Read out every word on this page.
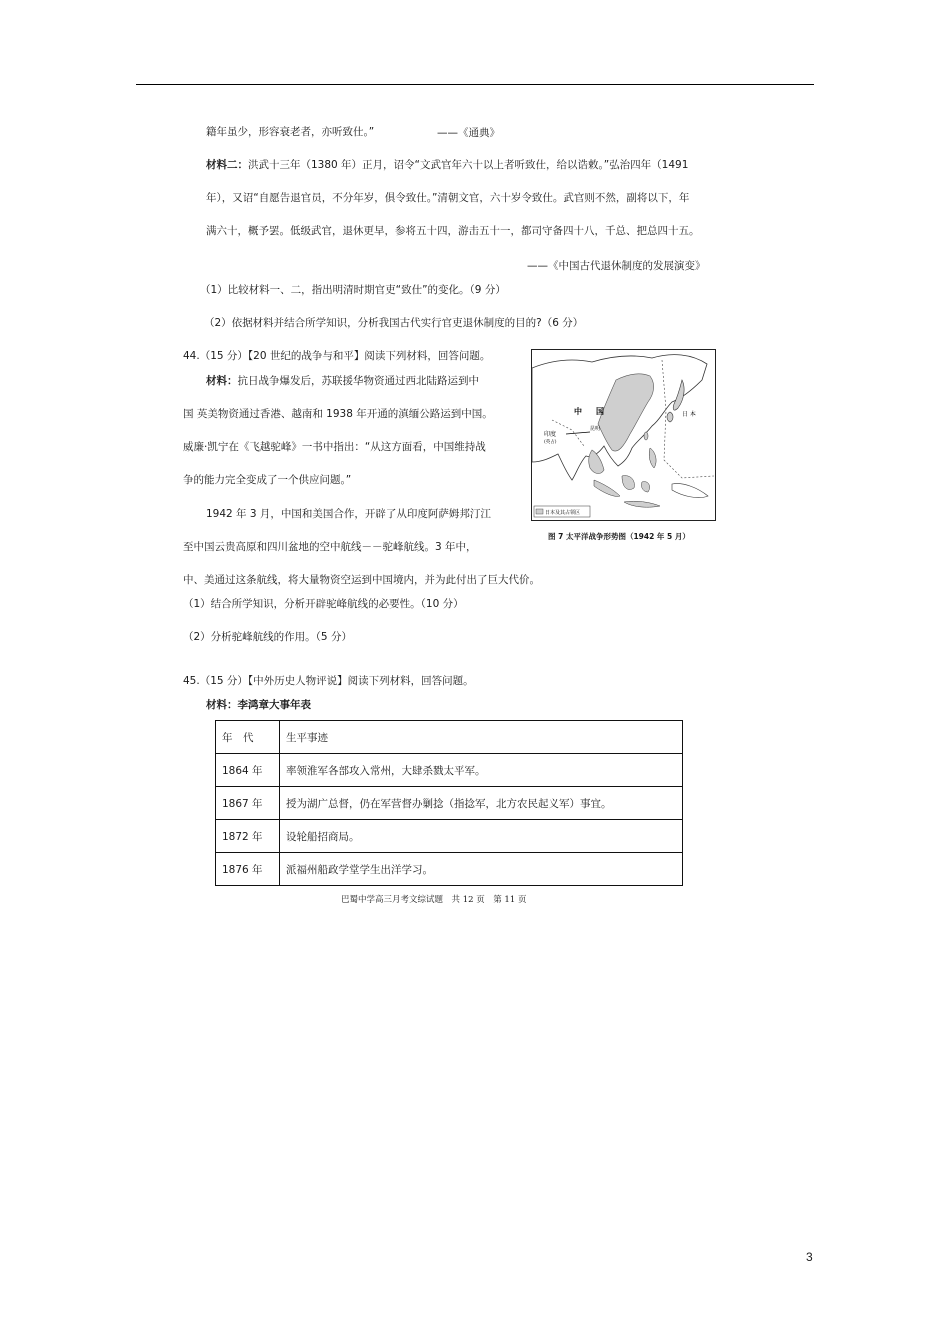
籍年虽少，形容衰老者，亦听致仕。”	——《通典》
材料二：洪武十三年（1380 年）正月，诏令“文武官年六十以上者听致仕，给以诰敕。”弘治四年（1491
年），又诏“自愿告退官员，不分年岁，俱令致仕。”清朝文官，六十岁令致仕。武官则不然，副将以下，年
满六十，概予罢。低级武官，退休更早，参将五十四，游击五十一，都司守备四十八，千总、把总四十五。
——《中国古代退休制度的发展演变》
（1）比较材料一、二，指出明清时期官吏“致仕”的变化。（9 分）
（2）依据材料并结合所学知识，分析我国古代实行官吏退休制度的目的?（6 分）
44.（15 分）【20 世纪的战争与和平】阅读下列材料，回答问题。
材料：抗日战争爆发后，苏联援华物资通过西北陆路运到中
国 英美物资通过香港、越南和 1938 年开通的滇缅公路运到中国。
威廉·凯宁在《飞越驼峰》一书中指出：“从这方面看，中国维持战
争的能力完全变成了一个供应问题。”
1942 年 3 月，中国和美国合作，开辟了从印度阿萨姆邦汀江
至中国云贵高原和四川盆地的空中航线－－驼峰航线。3 年中，
中、美通过这条航线，将大量物资空运到中国境内，并为此付出了巨大代价。
（1）结合所学知识，分析开辟驼峰航线的必要性。（10 分）
（2）分析驼峰航线的作用。（5 分）
日本及其占领区
中 国	日 本
印度
(英占)
昆明
图 7 太平洋战争形势图（1942 年 5 月）
45.（15 分）【中外历史人物评说】阅读下列材料，回答问题。
材料：李鸿章大事年表
年　代	生平事迹
1864 年	率领淮军各部攻入常州，大肆杀戮太平军。
1867 年	授为湖广总督，仍在军营督办剿捻（指捻军，北方农民起义军）事宜。
1872 年	设轮船招商局。
1876 年	派福州船政学堂学生出洋学习。
巴蜀中学高三月考文综试题　共 12 页　第 11 页
3
